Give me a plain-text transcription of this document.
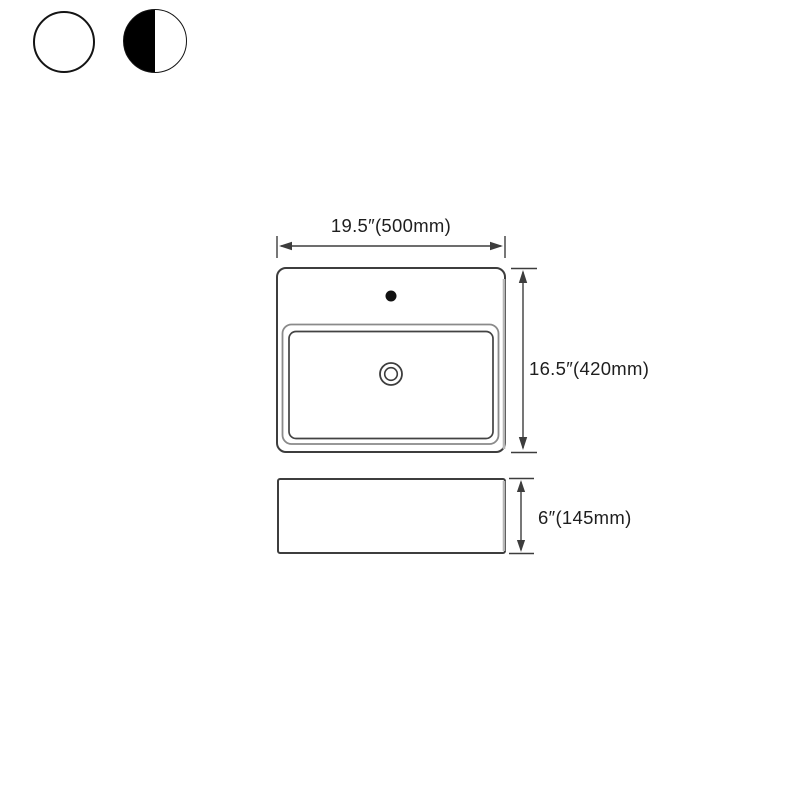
19.5″(500mm)
16.5″(420mm)
6″(145mm)
